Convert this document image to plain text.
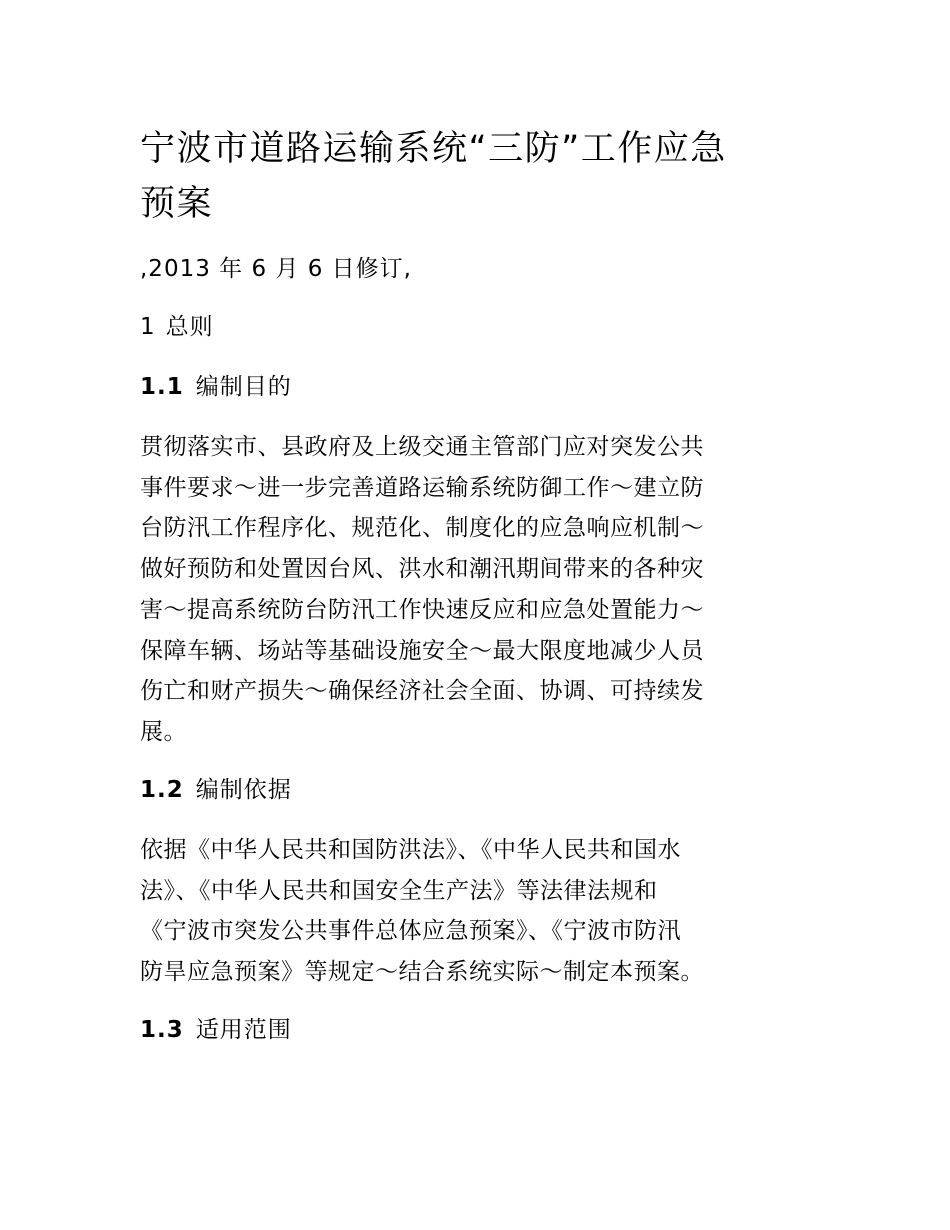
宁波市道路运输系统“三防”工作应急
预案

,2013 年 6 月 6 日修订,

1 总则
1.1 编制目的

贯彻落实市、县政府及上级交通主管部门应对突发公共
事件要求～进一步完善道路运输系统防御工作～建立防
台防汛工作程序化、规范化、制度化的应急响应机制～
做好预防和处置因台风、洪水和潮汛期间带来的各种灾
害～提高系统防台防汛工作快速反应和应急处置能力～
保障车辆、场站等基础设施安全～最大限度地减少人员
伤亡和财产损失～确保经济社会全面、协调、可持续发
展。

1.2 编制依据

依据《中华人民共和国防洪法》、《中华人民共和国水
法》、《中华人民共和国安全生产法》等法律法规和
《宁波市突发公共事件总体应急预案》、《宁波市防汛
防旱应急预案》等规定～结合系统实际～制定本预案。

1.3 适用范围
